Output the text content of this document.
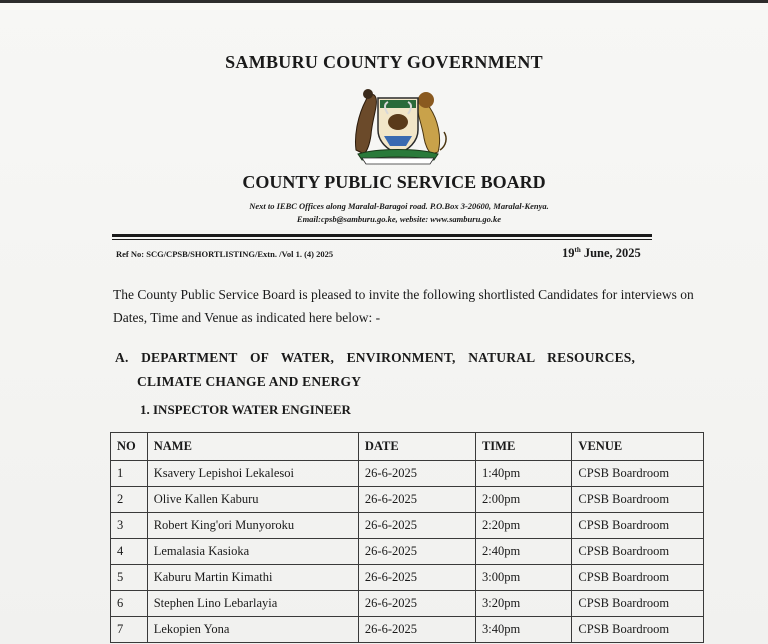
SAMBURU COUNTY GOVERNMENT
COUNTY PUBLIC SERVICE BOARD
Next to IEBC Offices along Maralal-Baragoi road. P.O.Box 3-20600, Maralal-Kenya.
Email:cpsb@samburu.go.ke, website: www.samburu.go.ke
Ref No: SCG/CPSB/SHORTLISTING/Extn. /Vol 1. (4) 2025	19th June, 2025
The County Public Service Board is pleased to invite the following shortlisted Candidates for interviews on Dates, Time and Venue as indicated here below: -
A. DEPARTMENT OF WATER, ENVIRONMENT, NATURAL RESOURCES,
CLIMATE CHANGE AND ENERGY
1. INSPECTOR WATER ENGINEER
NO	NAME	DATE	TIME	VENUE
1	Ksavery Lepishoi Lekalesoi	26-6-2025	1:40pm	CPSB Boardroom
2	Olive Kallen Kaburu	26-6-2025	2:00pm	CPSB Boardroom
3	Robert King'ori Munyoroku	26-6-2025	2:20pm	CPSB Boardroom
4	Lemalasia Kasioka	26-6-2025	2:40pm	CPSB Boardroom
5	Kaburu Martin Kimathi	26-6-2025	3:00pm	CPSB Boardroom
6	Stephen Lino Lebarlayia	26-6-2025	3:20pm	CPSB Boardroom
7	Lekopien Yona	26-6-2025	3:40pm	CPSB Boardroom
